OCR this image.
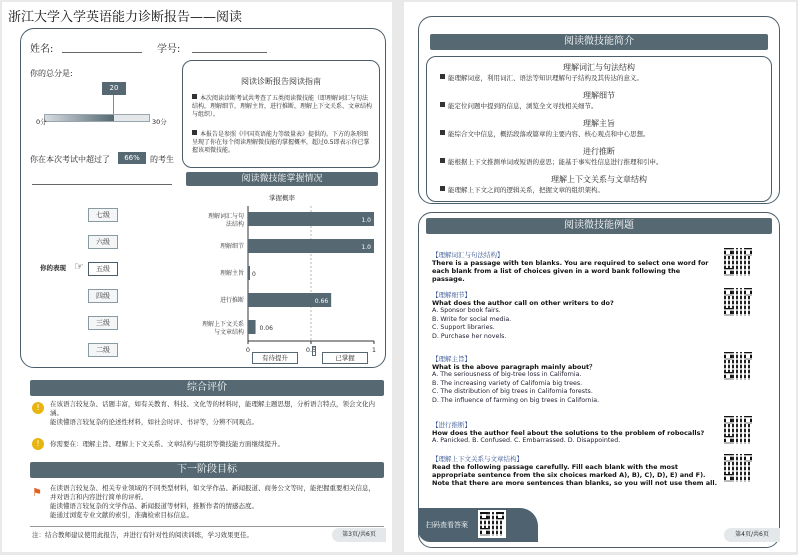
浙江大学入学英语能力诊断报告——阅读
姓名:	学号:
你的总分是:
20
0分	30分
你在本次考试中超过了	66%	的考生
阅读诊断报告阅读指南
本次阅读诊断考试共考查了五类阅读微技能（即理解词汇与句法结构，理解细节，理解主旨，进行推断，理解上下文关系、文章结构与组织）。
本报告是参照《中国英语能力等级量表》提供的。下方的条形图呈现了你在每个阅读理解微技能的掌握概率，超过0.5即表示你已掌握该项微技能。
你的表现 ☞
阅读微技能掌握情况
掌握概率
1.0
理解词汇与句法结构
1.0
理解细节
0
理解主旨
0.66
进行推断
0.06
理解上下文关系与文章结构
0	0.5	1
有待提升	已掌握
综合评价
!	在该语言较复杂、话题丰富，如有关教育、科技、文化等的材料时，能理解主题思想，分析语言特点，领会文化内涵。
能读懂语言较复杂的论述性材料，如社会时评、书评等，分辨不同观点。
!	你需要在：理解主旨、理解上下文关系、文章结构与组织等微技能方面继续提升。
下一阶段目标
⚑ 在读语言较复杂、相关专业领域的不同类型材料，如文学作品、新闻报道、商务公文等时，能把握重要相关信息，并对语言和内容进行简单的评析。
能读懂语言较复杂的文学作品、新闻报道等材料，推断作者的情感态度。
能通过浏览专业文献的索引，准确检索目标信息。
注：结合教师建议使用此报告，并进行有针对性的阅读训练，学习效果更佳。	第3页/共6页
七级
六级
五级
四级
三级
二级
阅读微技能简介
阅读微技能例题
【理解词汇与句法结构】
There is a passage with ten blanks. You are required to select one word for each blank from a list of choices given in a word bank following the passage.
【理解细节】
What does the author call on other writers to do?
A. Sponsor book fairs.
B. Write for social media.
C. Support libraries.
D. Purchase her novels.
【理解主旨】
What is the above paragraph mainly about？
A. The seriousness of big-tree loss in California.
B. The increasing variety of California big trees.
C. The distribution of big trees in California forests.
D. The influence of farming on big trees in California.
【进行推断】
How does the author feel about the solutions to the problem of robocalls?
A. Panicked. B. Confused. C. Embarrassed. D. Disappointed.
【理解上下文关系与文章结构】
Read the following passage carefully. Fill each blank with the most appropriate sentence from the six choices marked A), B), C), D), E) and F). Note that there are more sentences than blanks, so you will not use them all.
扫码查看答案
第4页/共6页
理解词汇与句法结构
能理解词意，利用词汇、语法等知识理解句子结构及其传达的意义。
理解细节
能定位问题中提到的信息，浏览全文寻找相关细节。
理解主旨
能综合文中信息，概括段落或篇章的主要内容、核心观点和中心思想。
进行推断
能根据上下文推测单词或短语的意思；能基于事实性信息进行推理和引申。
理解上下文关系与文章结构
能理解上下文之间的逻辑关系，把握文章的组织架构。
